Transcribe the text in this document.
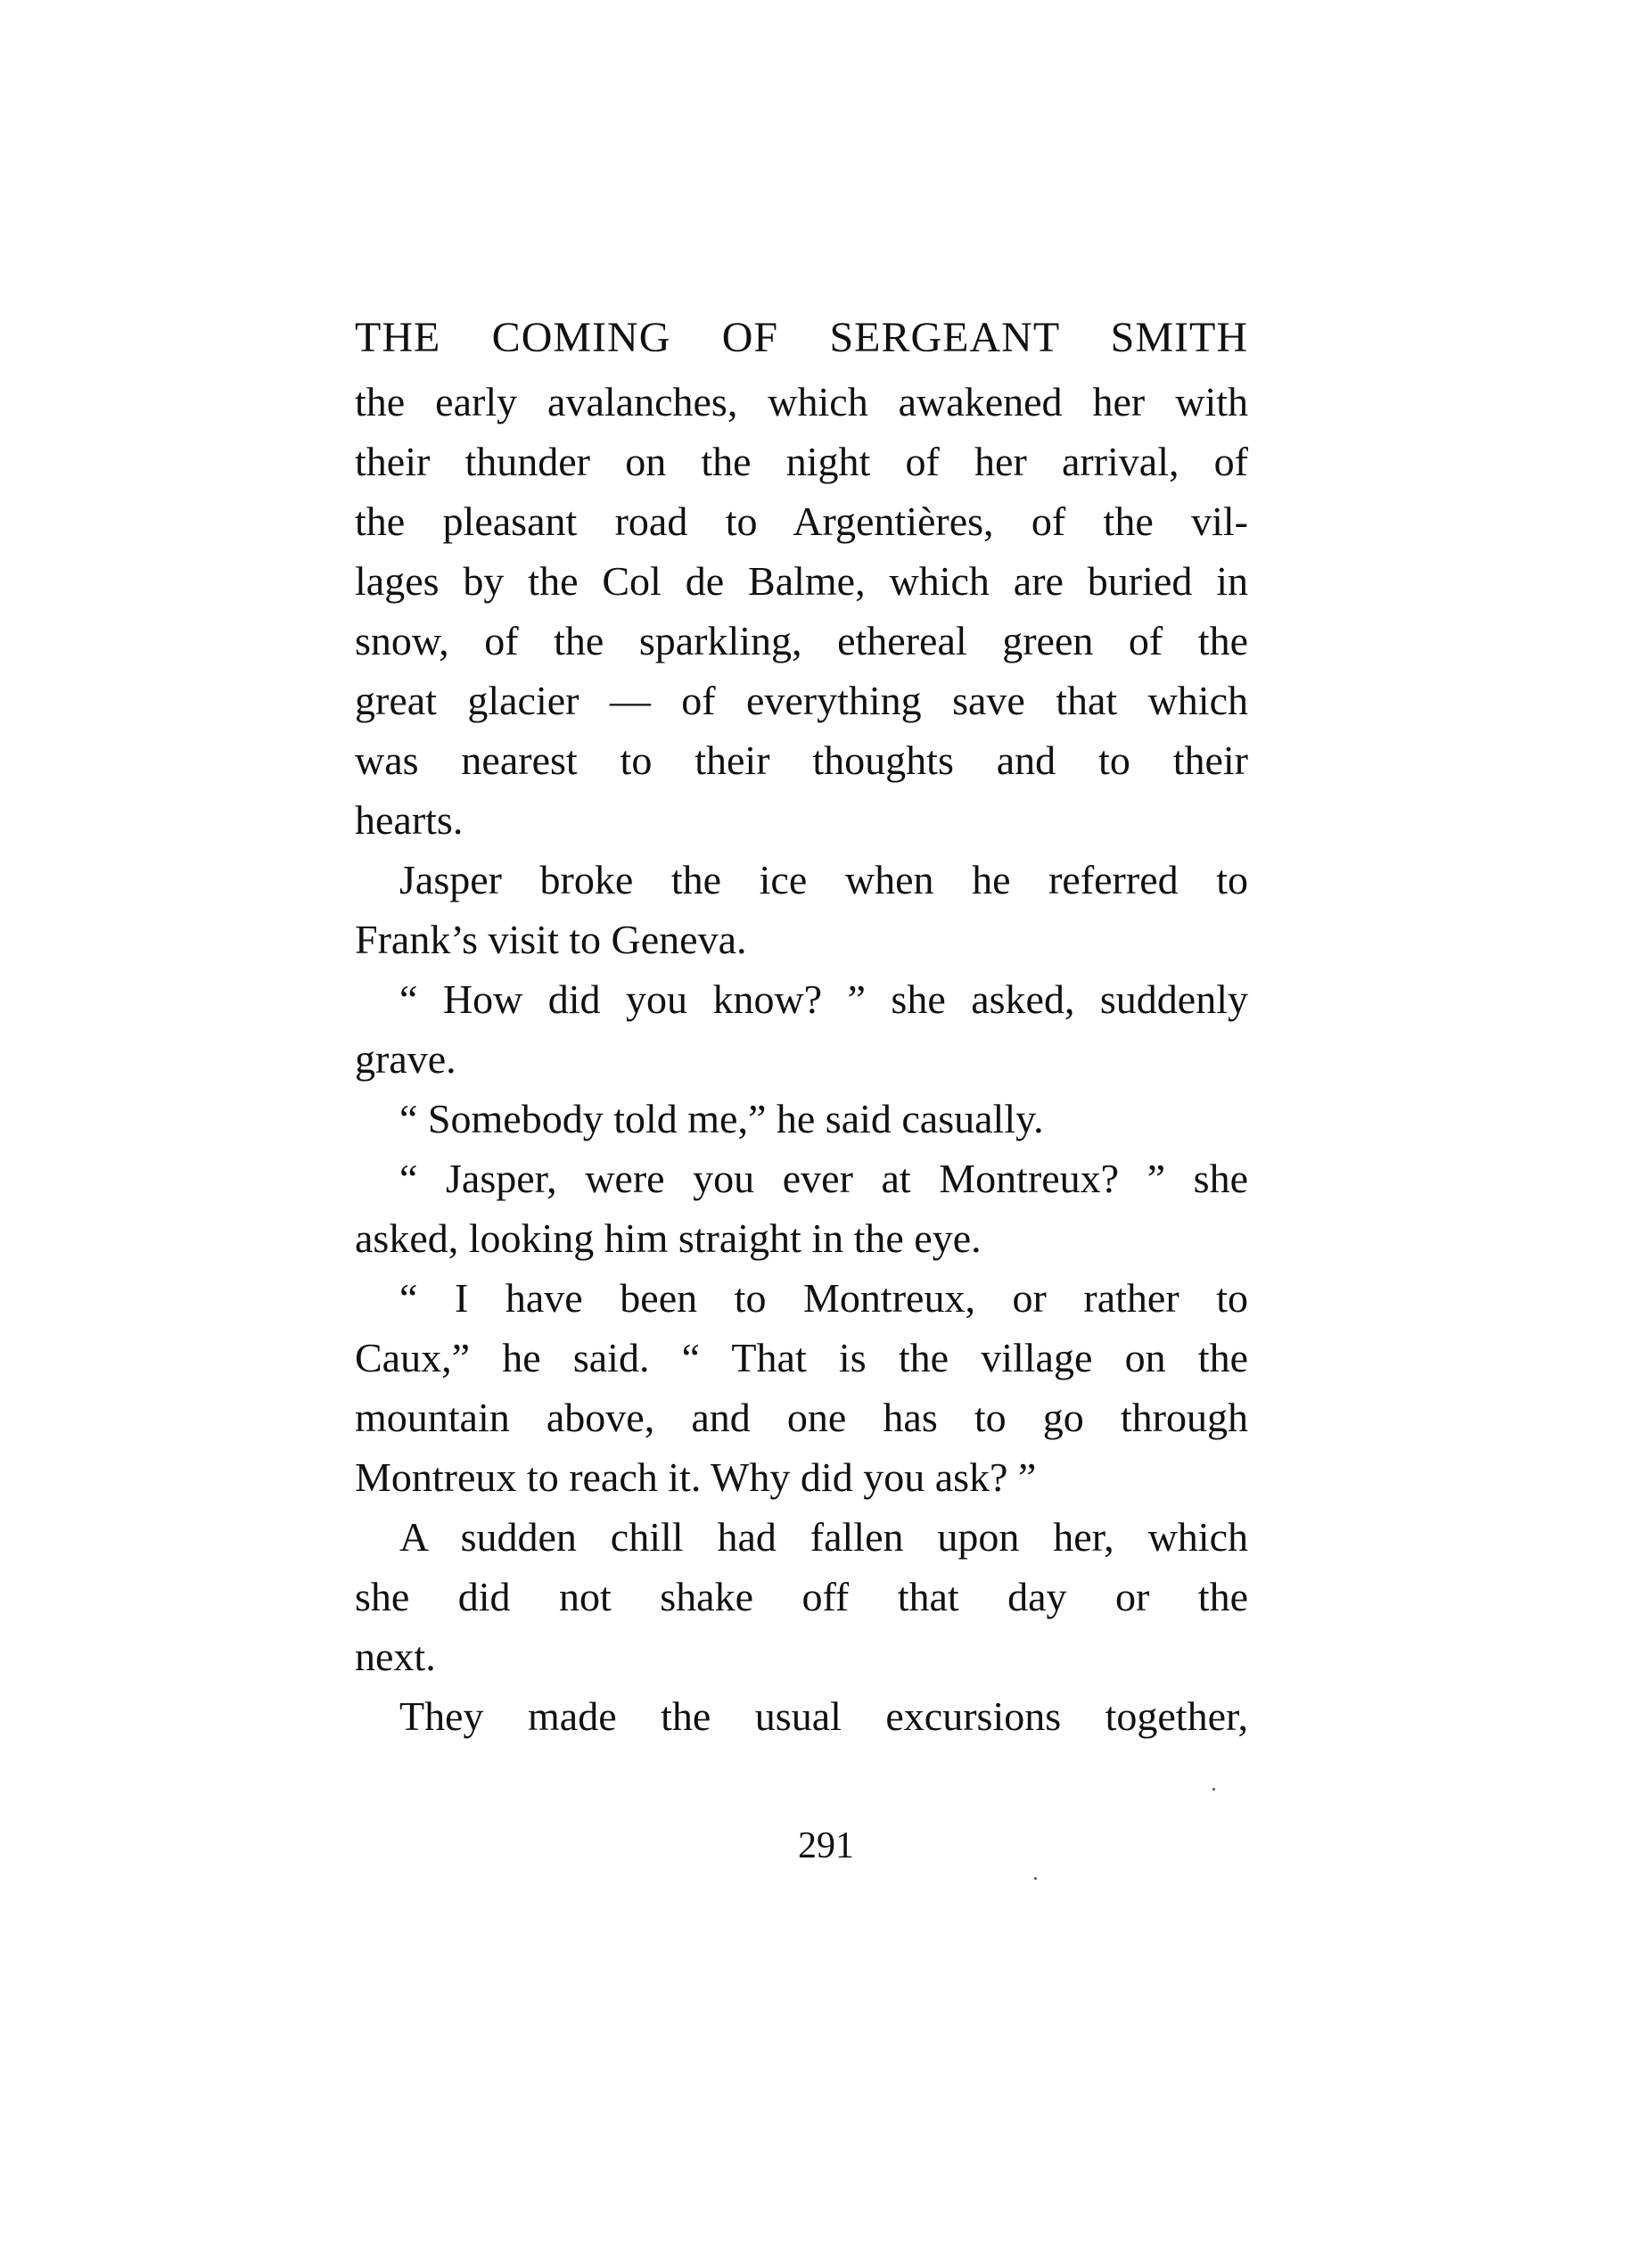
THE COMING OF SERGEANT SMITH
the early avalanches, which awakened her with
their thunder on the night of her arrival, of
the pleasant road to Argentières, of the vil-
lages by the Col de Balme, which are buried in
snow, of the sparkling, ethereal green of the
great glacier — of everything save that which
was nearest to their thoughts and to their
hearts.
Jasper broke the ice when he referred to
Frank’s visit to Geneva.
“ How did you know? ” she asked, suddenly
grave.
“ Somebody told me,” he said casually.
“ Jasper, were you ever at Montreux? ” she
asked, looking him straight in the eye.
“ I have been to Montreux, or rather to
Caux,” he said. “ That is the village on the
mountain above, and one has to go through
Montreux to reach it. Why did you ask? ”
A sudden chill had fallen upon her, which
she did not shake off that day or the
next.
They made the usual excursions together,
291
